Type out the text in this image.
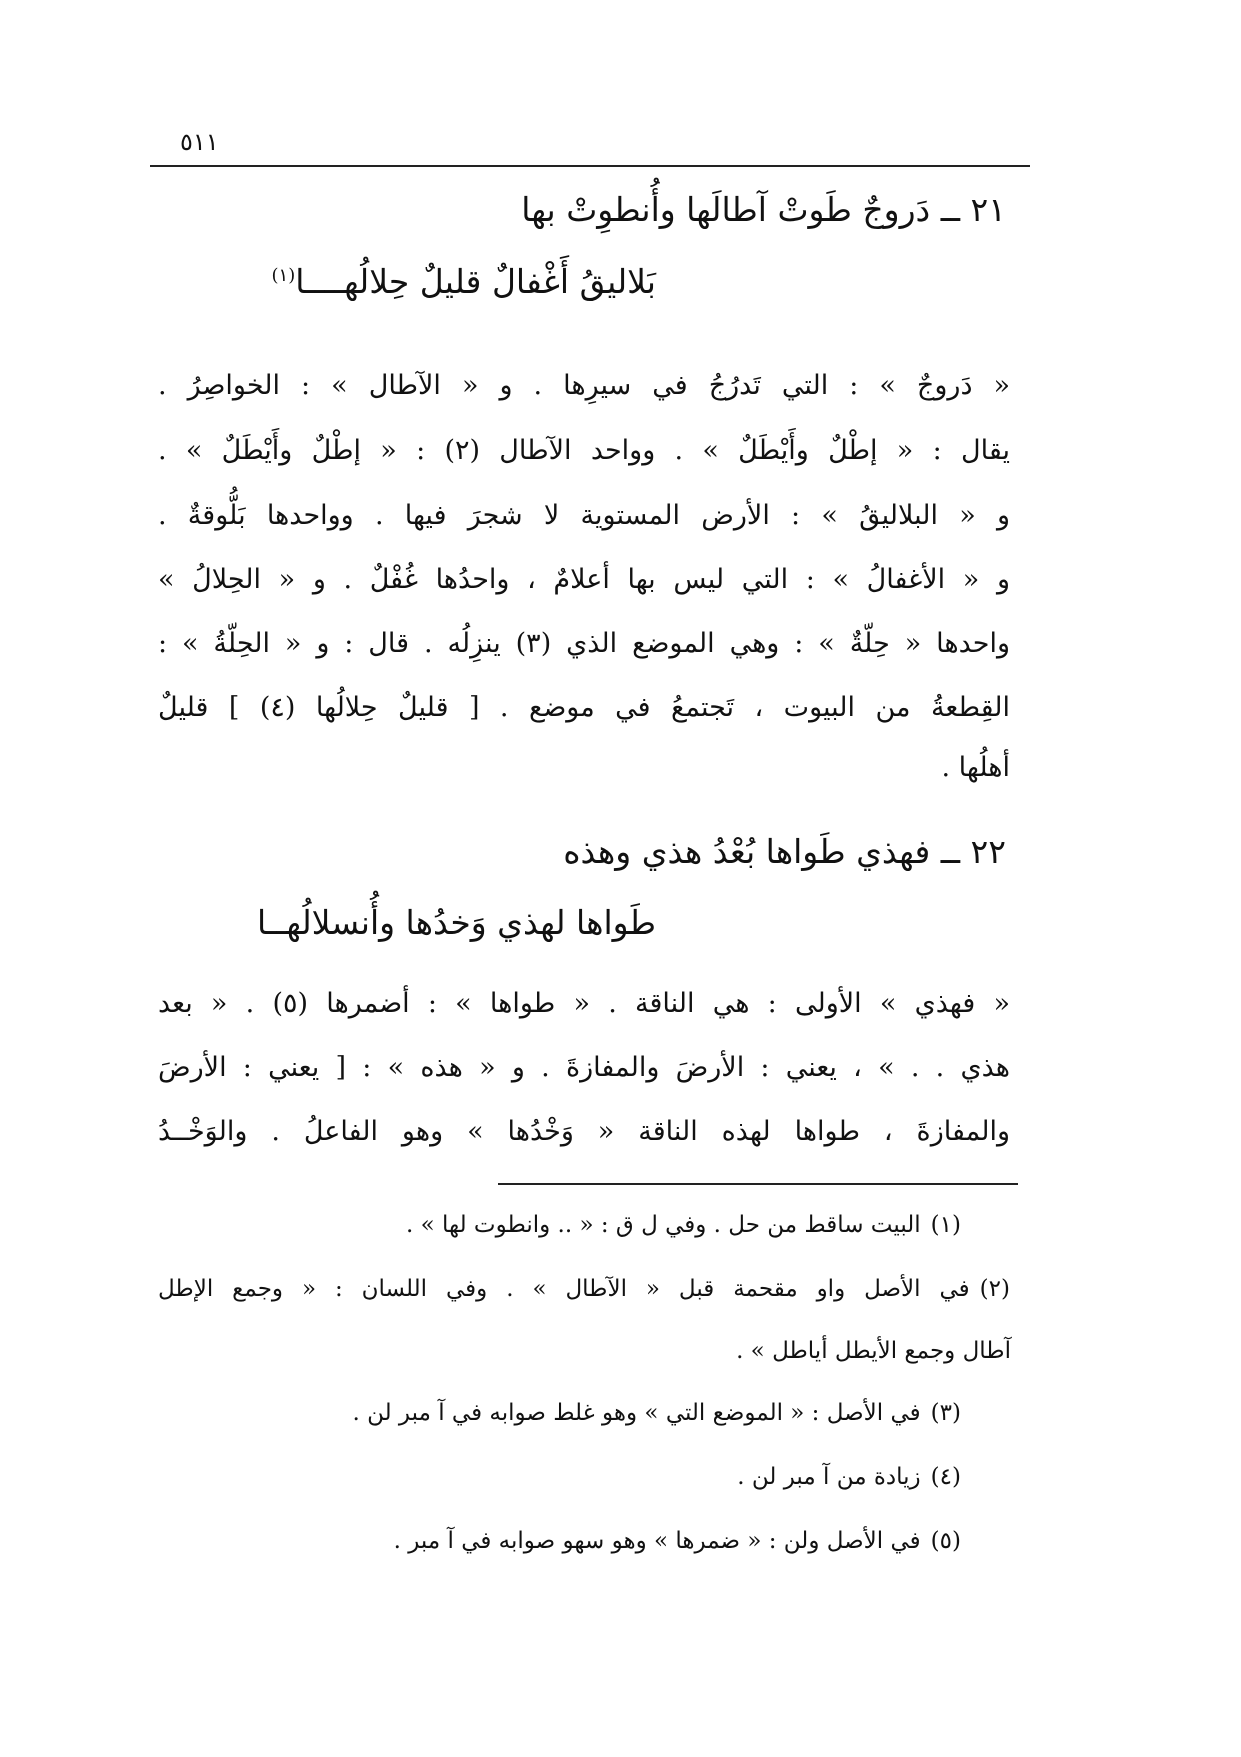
٥١١
٢١ ــ دَروجٌ طَوتْ آطالَها وأُنطوِتْ بها
بَلاليقُ أَغْفالٌ قليلٌ حِلالُهــــا$^{(١)}$
« دَروجٌ » : التي تَدرُجُ في سيرِها . و « الآطال » : الخواصِرُ .
يقال : « إطْلٌ وأَيْطَلٌ » . وواحد الآطال (٢) : « إطْلٌ وأَيْطَلٌ » .
و « البلاليقُ » : الأرض المستوية لا شجرَ فيها . وواحدها بَلُّوقةٌ .
و « الأغفالُ » : التي ليس بها أعلامٌ ، واحدُها غُفْلٌ . و « الحِلالُ »
واحدها « حِلّةٌ » : وهي الموضع الذي (٣) ينزِلُه . قال : و « الحِلّةُ » :
القِطعةُ من البيوت ، تَجتمعُ في موضع . [ قليلٌ حِلالُها (٤) ] قليلٌ
أهلُها .
٢٢ ــ فهذي طَواها بُعْدُ هذي وهذه
طَواها لهذي وَخدُها وأُنسلالُهــا
« فهذي » الأولى : هي الناقة . « طواها » : أضمرها (٥) . « بعد
هذي . . » ، يعني : الأرضَ والمفازةَ . و « هذه » : [ يعني : الأرضَ
والمفازةَ ، طواها لهذه الناقة « وَخْدُها » وهو الفاعلُ . والوَخْــدُ
(١)البيت ساقط من حل . وفي ل ق : « .. وانطوت لها » .
(٢)في الأصل واو مقحمة قبل « الآطال » . وفي اللسان : « وجمع الإطل
آطال وجمع الأيطل أياطل » .
(٣)في الأصل : « الموضع التي » وهو غلط صوابه في آ مبر لن .
(٤)زيادة من آ مبر لن .
(٥)في الأصل ولن : « ضمرها » وهو سهو صوابه في آ مبر .
